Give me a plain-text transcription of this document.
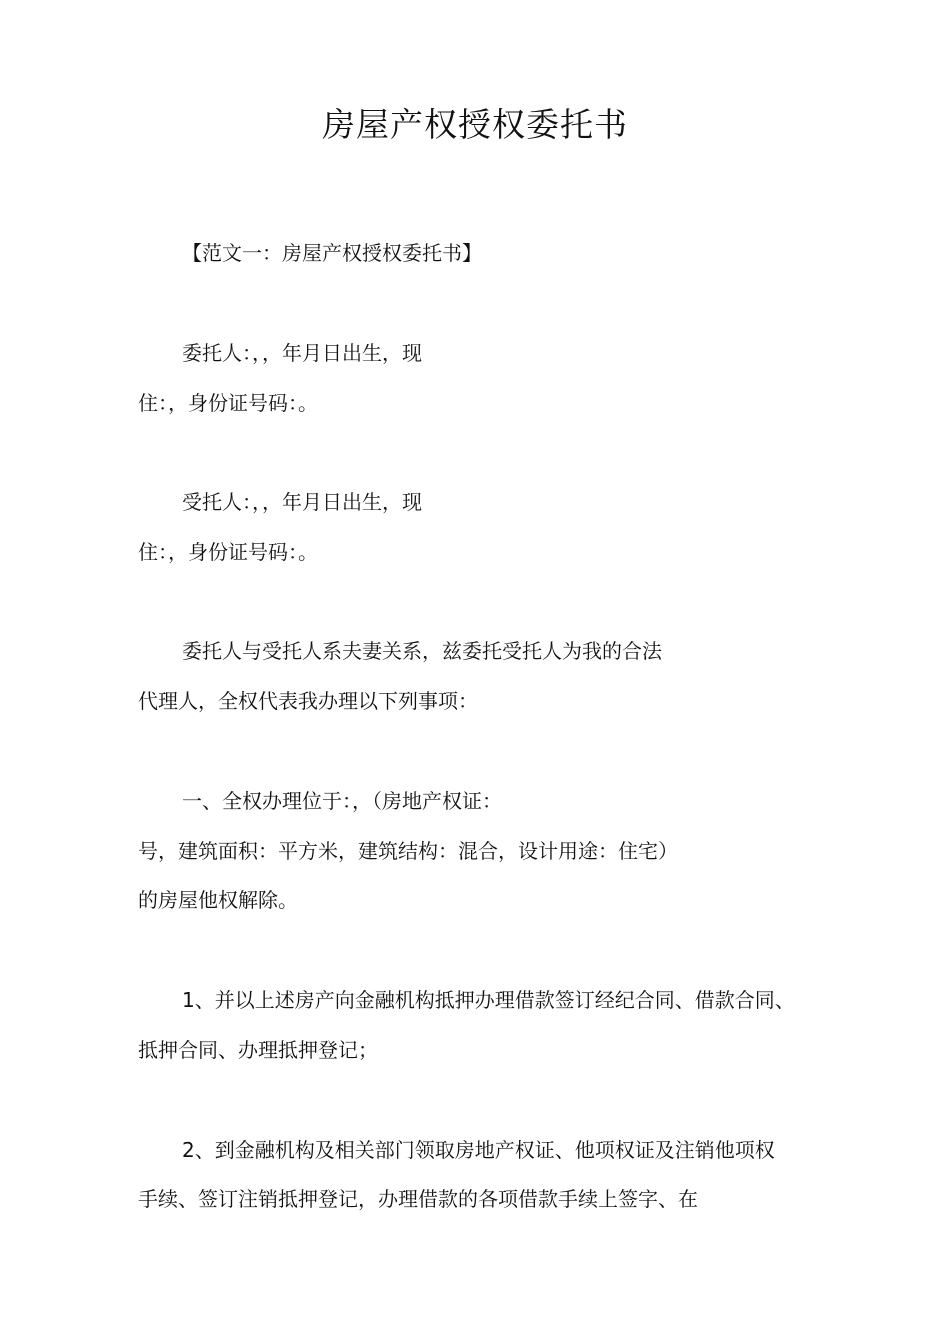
房屋产权授权委托书
【范文一：房屋产权授权委托书】
委托人：，，年月日出生，现
住：，身份证号码：。
受托人：，，年月日出生，现
住：，身份证号码：。
委托人与受托人系夫妻关系，兹委托受托人为我的合法
代理人，全权代表我办理以下列事项：
一、全权办理位于：，（房地产权证：
号，建筑面积：平方米，建筑结构：混合，设计用途：住宅）
的房屋他权解除。
1、并以上述房产向金融机构抵押办理借款签订经纪合同、借款合同、
抵押合同、办理抵押登记；
2、到金融机构及相关部门领取房地产权证、他项权证及注销他项权
手续、签订注销抵押登记，办理借款的各项借款手续上签字、在
